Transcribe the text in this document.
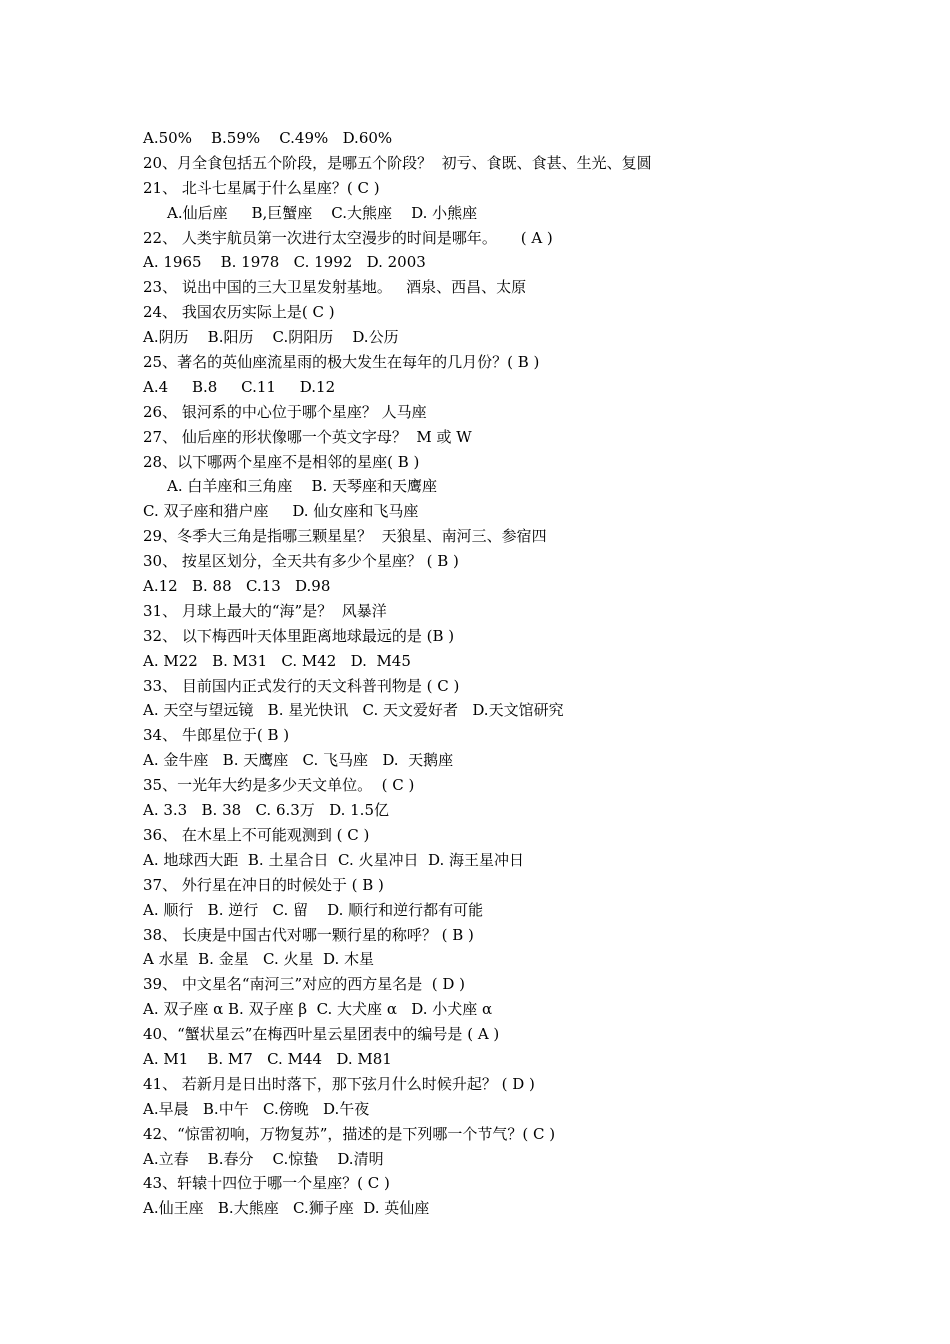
A.50%    B.59%    C.49%   D.60%
20、月全食包括五个阶段，是哪五个阶段？  初亏、食既、食甚、生光、复圆
21、 北斗七星属于什么星座？( C )
A.仙后座     B,巨蟹座    C.大熊座    D. 小熊座
22、 人类宇航员第一次进行太空漫步的时间是哪年。     ( A )
A. 1965    B. 1978   C. 1992   D. 2003
23、 说出中国的三大卫星发射基地。   酒泉、西昌、太原
24、 我国农历实际上是( C )
A.阴历    B.阳历    C.阴阳历    D.公历
25、著名的英仙座流星雨的极大发生在每年的几月份？( B )
A.4     B.8     C.11     D.12
26、 银河系的中心位于哪个星座？ 人马座
27、 仙后座的形状像哪一个英文字母？  M 或 W
28、以下哪两个星座不是相邻的星座( B )
A. 白羊座和三角座    B. 天琴座和天鹰座
C. 双子座和猎户座     D. 仙女座和飞马座
29、冬季大三角是指哪三颗星星？  天狼星、南河三、参宿四
30、 按星区划分，全天共有多少个星座？ ( B )
A.12   B. 88   C.13   D.98
31、 月球上最大的“海”是？  风暴洋
32、 以下梅西叶天体里距离地球最远的是 (B )
A. M22   B. M31   C. M42   D.  M45
33、 目前国内正式发行的天文科普刊物是 ( C )
A. 天空与望远镜   B. 星光快讯   C. 天文爱好者   D.天文馆研究
34、 牛郎星位于( B )
A. 金牛座   B. 天鹰座   C. 飞马座   D.  天鹅座
35、一光年大约是多少天文单位。  ( C )
A. 3.3   B. 38   C. 6.3万   D. 1.5亿
36、 在木星上不可能观测到 ( C )
A. 地球西大距  B. 土星合日  C. 火星冲日  D. 海王星冲日
37、 外行星在冲日的时候处于 ( B )
A. 顺行   B. 逆行   C. 留    D. 顺行和逆行都有可能
38、 长庚是中国古代对哪一颗行星的称呼？ ( B )
A 水星  B. 金星   C. 火星  D. 木星
39、 中文星名“南河三”对应的西方星名是  ( D )
A. 双子座 α B. 双子座 β  C. 大犬座 α   D. 小犬座 α
40、“蟹状星云”在梅西叶星云星团表中的编号是 ( A )
A. M1    B. M7   C. M44   D. M81
41、 若新月是日出时落下，那下弦月什么时候升起？ ( D )
A.早晨   B.中午   C.傍晚   D.午夜
42、“惊雷初响，万物复苏”，描述的是下列哪一个节气？( C )
A.立春    B.春分    C.惊蛰    D.清明
43、轩辕十四位于哪一个星座？( C )
A.仙王座   B.大熊座   C.狮子座  D. 英仙座
